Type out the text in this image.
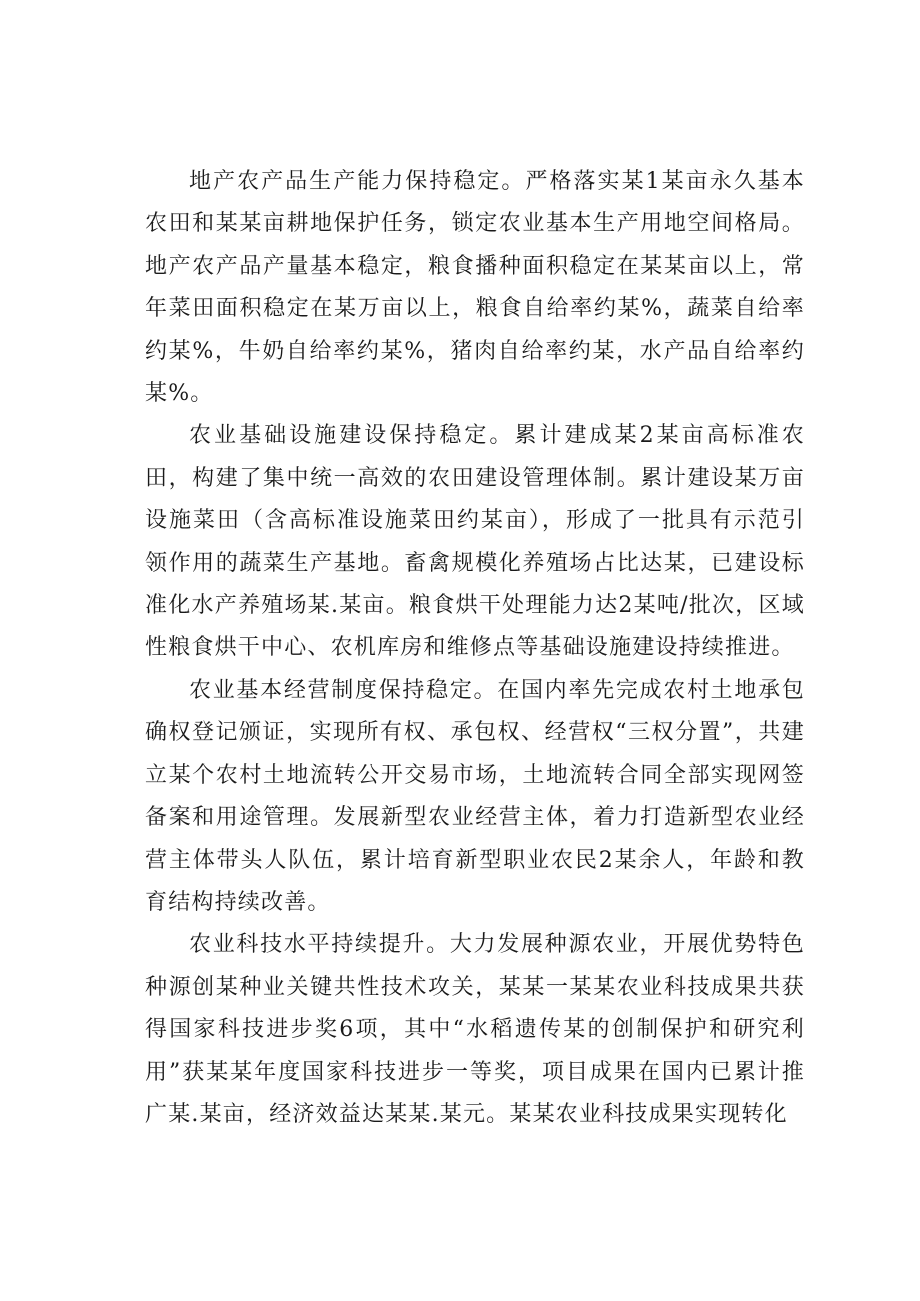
地产农产品生产能力保持稳定。严格落实某1某亩永久基本农田和某某亩耕地保护任务，锁定农业基本生产用地空间格局。地产农产品产量基本稳定，粮食播种面积稳定在某某亩以上，常年菜田面积稳定在某万亩以上，粮食自给率约某%，蔬菜自给率约某%，牛奶自给率约某%，猪肉自给率约某，水产品自给率约某%。

农业基础设施建设保持稳定。累计建成某2某亩高标准农田，构建了集中统一高效的农田建设管理体制。累计建设某万亩设施菜田（含高标准设施菜田约某亩），形成了一批具有示范引领作用的蔬菜生产基地。畜禽规模化养殖场占比达某，已建设标准化水产养殖场某.某亩。粮食烘干处理能力达2某吨/批次，区域性粮食烘干中心、农机库房和维修点等基础设施建设持续推进。

农业基本经营制度保持稳定。在国内率先完成农村土地承包确权登记颁证，实现所有权、承包权、经营权“三权分置”，共建立某个农村土地流转公开交易市场，土地流转合同全部实现网签备案和用途管理。发展新型农业经营主体，着力打造新型农业经营主体带头人队伍，累计培育新型职业农民2某余人，年龄和教育结构持续改善。

农业科技水平持续提升。大力发展种源农业，开展优势特色种源创某种业关键共性技术攻关，某某一某某农业科技成果共获得国家科技进步奖6项，其中“水稻遗传某的创制保护和研究利用”获某某年度国家科技进步一等奖，项目成果在国内已累计推广某.某亩，经济效益达某某.某元。某某农业科技成果实现转化
